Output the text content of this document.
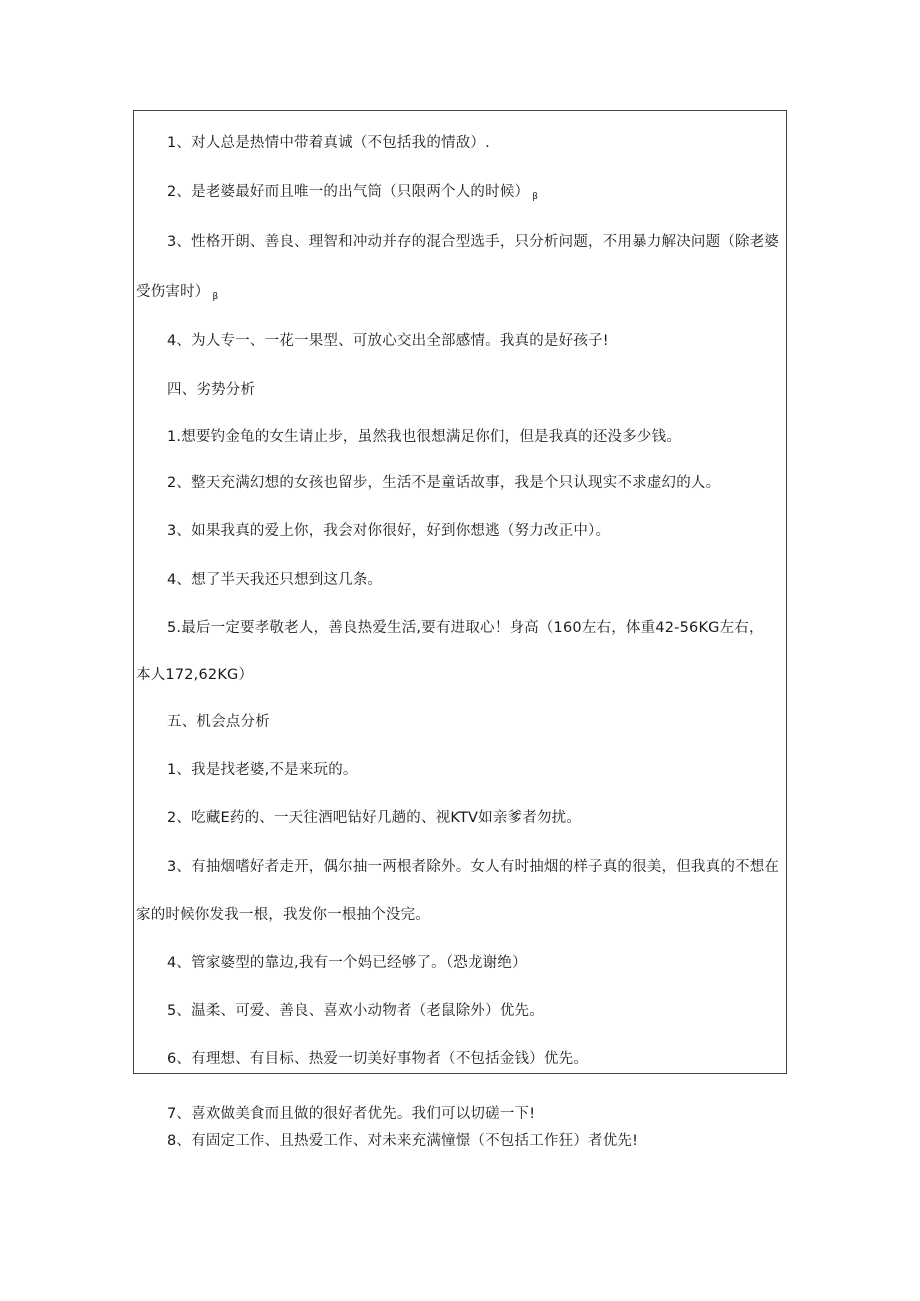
1、对人总是热情中带着真诚（不包括我的情敌）.
2、是老婆最好而且唯一的出气筒（只限两个人的时候） $_\beta$
3、性格开朗、善良、理智和冲动并存的混合型选手，只分析问题，不用暴力解决问题（除老婆
受伤害时） $_\beta$
4、为人专一、一花一果型、可放心交出全部感情。我真的是好孩子!
四、劣势分析
1.想要钓金龟的女生请止步，虽然我也很想满足你们，但是我真的还没多少钱。
2、整天充满幻想的女孩也留步，生活不是童话故事，我是个只认现实不求虚幻的人。
3、如果我真的爱上你，我会对你很好，好到你想逃（努力改正中）。
4、想了半天我还只想到这几条。
5.最后一定要孝敬老人，善良热爱生活,要有进取心！身高（160左右，体重42-56KG左右，
本人172,62KG）
五、机会点分析
1、我是找老婆,不是来玩的。
2、吃藏E药的、一天往酒吧钻好几趟的、视KTV如亲爹者勿扰。
3、有抽烟嗜好者走开，偶尔抽一两根者除外。女人有时抽烟的样子真的很美，但我真的不想在
家的时候你发我一根，我发你一根抽个没完。
4、管家婆型的靠边,我有一个妈已经够了。（恐龙谢绝）
5、温柔、可爱、善良、喜欢小动物者（老鼠除外）优先。
6、有理想、有目标、热爱一切美好事物者（不包括金钱）优先。
7、喜欢做美食而且做的很好者优先。我们可以切磋一下!
8、有固定工作、且热爱工作、对未来充满憧憬（不包括工作狂）者优先!
